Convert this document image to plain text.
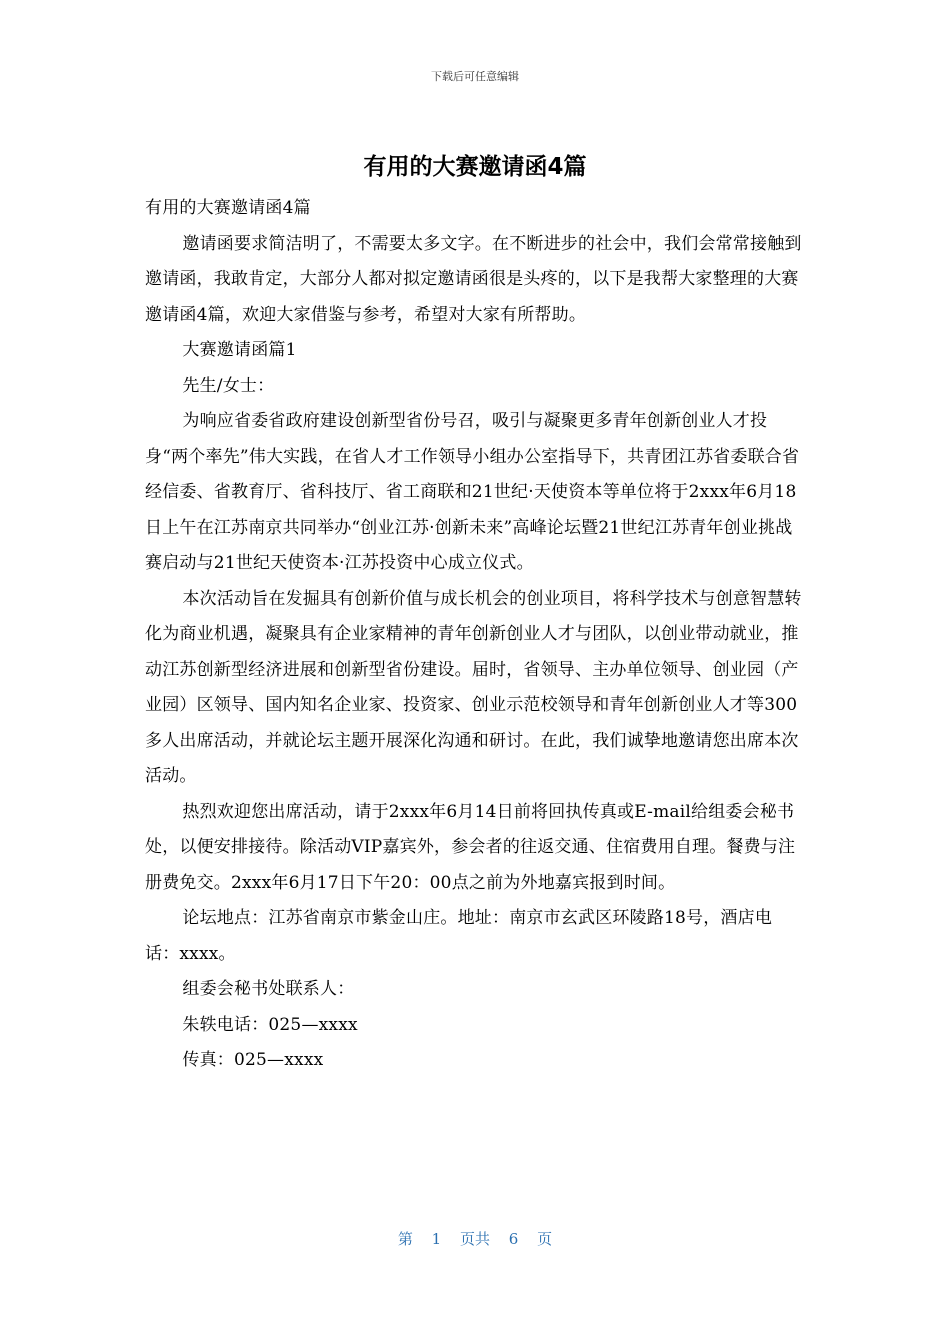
下载后可任意编辑
有用的大赛邀请函4篇

有用的大赛邀请函4篇

邀请函要求简洁明了，不需要太多文字。在不断进步的社会中，我们会常常接触到邀请函，我敢肯定，大部分人都对拟定邀请函很是头疼的，以下是我帮大家整理的大赛邀请函4篇，欢迎大家借鉴与参考，希望对大家有所帮助。

大赛邀请函篇1

先生/女士：

为响应省委省政府建设创新型省份号召，吸引与凝聚更多青年创新创业人才投身“两个率先”伟大实践，在省人才工作领导小组办公室指导下，共青团江苏省委联合省经信委、省教育厅、省科技厅、省工商联和21世纪·天使资本等单位将于2xxx年6月18日上午在江苏南京共同举办“创业江苏·创新未来”高峰论坛暨21世纪江苏青年创业挑战赛启动与21世纪天使资本·江苏投资中心成立仪式。

本次活动旨在发掘具有创新价值与成长机会的创业项目，将科学技术与创意智慧转化为商业机遇，凝聚具有企业家精神的青年创新创业人才与团队，以创业带动就业，推动江苏创新型经济进展和创新型省份建设。届时，省领导、主办单位领导、创业园（产业园）区领导、国内知名企业家、投资家、创业示范校领导和青年创新创业人才等300多人出席活动，并就论坛主题开展深化沟通和研讨。在此，我们诚挚地邀请您出席本次活动。

热烈欢迎您出席活动，请于2xxx年6月14日前将回执传真或E-mail给组委会秘书处，以便安排接待。除活动VIP嘉宾外，参会者的往返交通、住宿费用自理。餐费与注册费免交。2xxx年6月17日下午20：00点之前为外地嘉宾报到时间。

论坛地点：江苏省南京市紫金山庄。地址：南京市玄武区环陵路18号，酒店电话：xxxx。

组委会秘书处联系人：

朱轶电话：025—xxxx

传真：025—xxxx

第 1 页共 6 页
